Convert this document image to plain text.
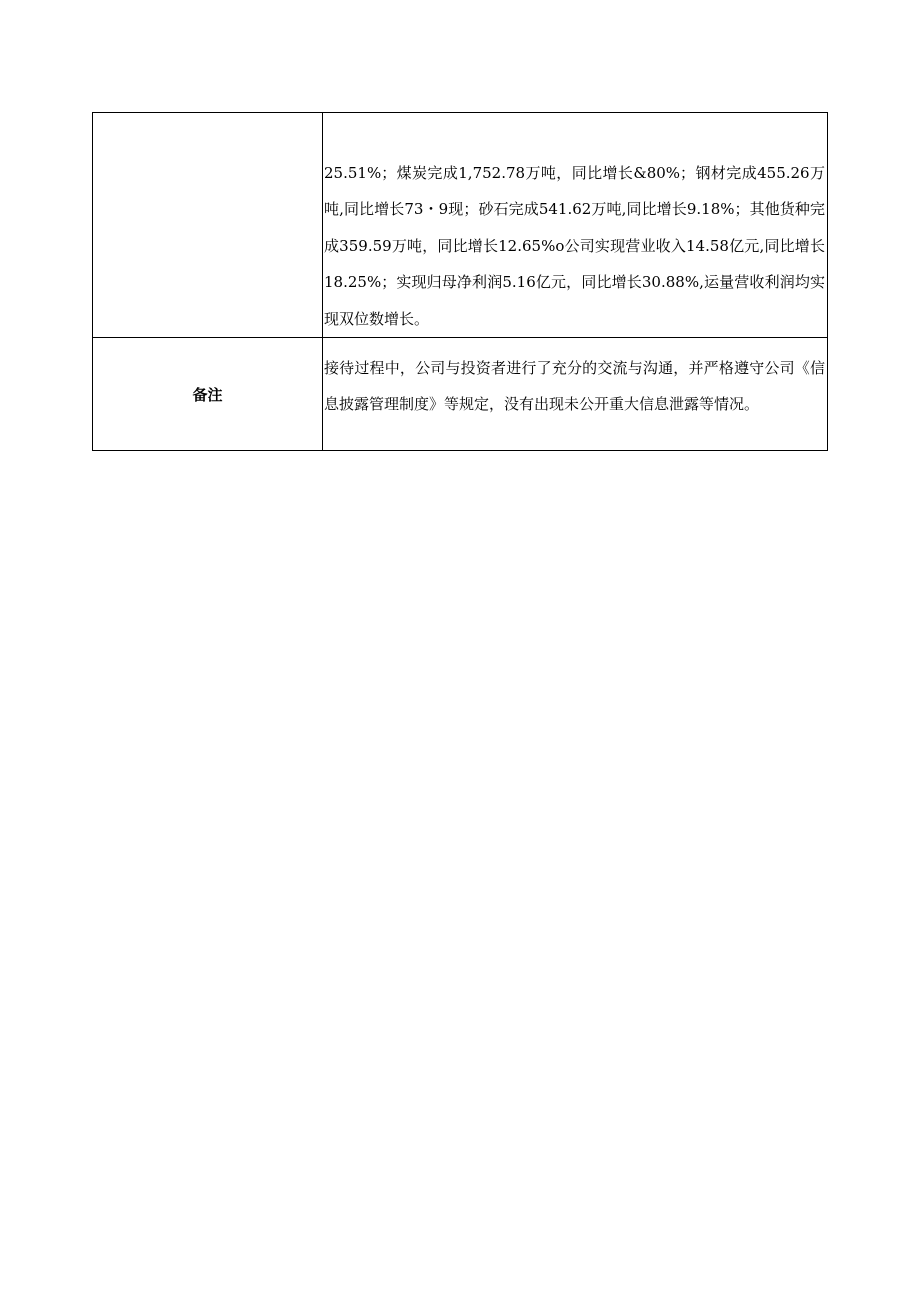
	25.51%；煤炭完成1,752.78万吨，同比增长&80%；钢材完成455.26万吨,同比增长73・9现；砂石完成541.62万吨,同比增长9.18%；其他货种完成359.59万吨，同比增长12.65%o公司实现营业收入14.58亿元,同比增长18.25%；实现归母净利润5.16亿元，同比增长30.88%,运量营收利润均实现双位数增长。

备注	接待过程中，公司与投资者进行了充分的交流与沟通，并严格遵守公司《信息披露管理制度》等规定，没有出现未公开重大信息泄露等情况。
